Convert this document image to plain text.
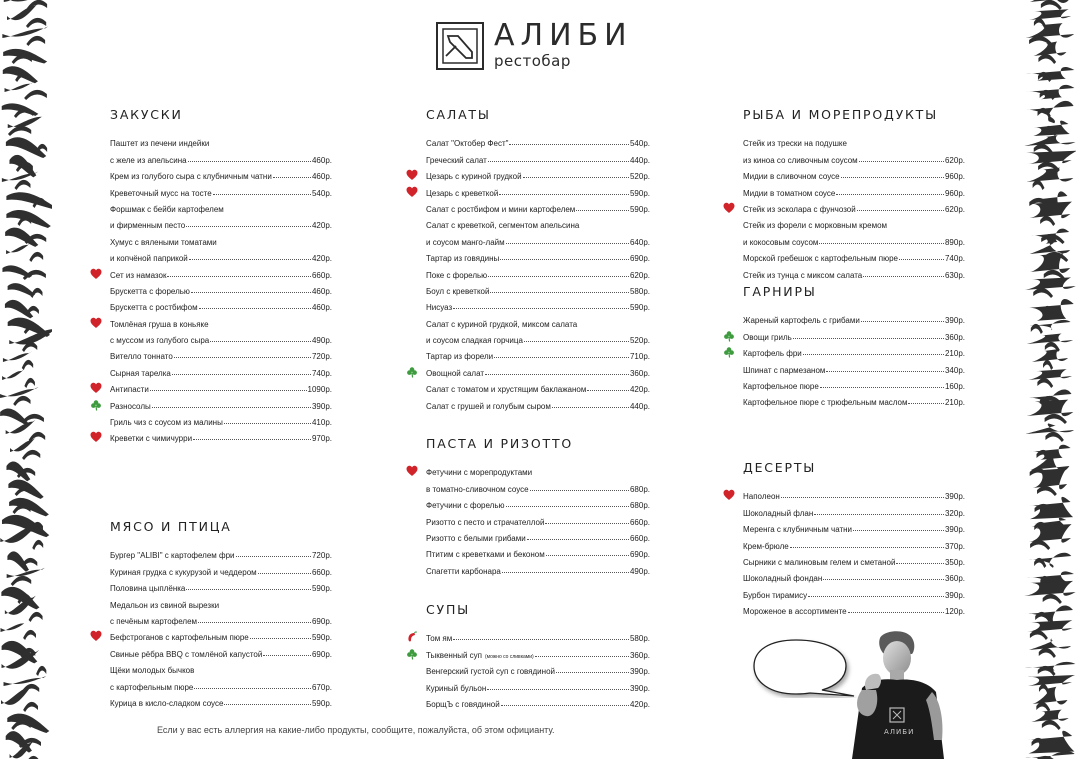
АЛИБИ
рестобар
ЗАКУСКИ
Паштет из печени индейки
с желе из апельсина	460р.
Крем из голубого сыра с клубничным чатни	460р.
Креветочный мусс на тосте	540р.
Форшмак с бейби картофелем
и фирменным песто	420р.
Хумус с вялеными томатами
и копчёной паприкой	420р.
Сет из намазок	660р.
Брускетта с форелью	460р.
Брускетта с ростбифом	460р.
Томлёная груша в коньяке
с муссом из голубого сыра	490р.
Вителло тоннато	720р.
Сырная тарелка	740р.
Антипасти	1090р.
Разносолы	390р.
Гриль чиз с соусом из малины	410р.
Креветки с чимичурри	970р.
МЯСО И ПТИЦА
Бургер "ALIBI" с картофелем фри	720р.
Куриная грудка с кукурузой и чеддером	660р.
Половина цыплёнка	590р.
Медальон из свиной вырезки
с печёным картофелем	690р.
Бефстроганов с картофельным пюре	590р.
Свиные рёбра BBQ с томлёной капустой	690р.
Щёки молодых бычков
с картофельным пюре	670р.
Курица в кисло-сладком соусе	590р.
САЛАТЫ
Салат "Октобер Фест"	540р.
Греческий салат	440р.
Цезарь с куриной грудкой	520р.
Цезарь с креветкой	590р.
Салат с ростбифом и мини картофелем	590р.
Салат с креветкой, сегментом апельсина
и соусом манго-лайм	640р.
Тартар из говядины	690р.
Поке с форелью	620р.
Боул с креветкой	580р.
Нисуаз	590р.
Салат с куриной грудкой, миксом салата
и соусом сладкая горчица	520р.
Тартар из форели	710р.
Овощной салат	360р.
Салат с томатом и хрустящим баклажаном	420р.
Салат с грушей и голубым сыром	440р.
ПАСТА И РИЗОТТО
Фетучини с морепродуктами
в томатно-сливочном соусе	680р.
Фетучини с форелью	680р.
Ризотто с песто и страчателлой	660р.
Ризотто с белыми грибами	660р.
Птитим с креветками и беконом	690р.
Спагетти карбонара	490р.
СУПЫ
Том ям	580р.
Тыквенный суп (можно со сливками)	360р.
Венгерский густой суп с говядиной	390р.
Куриный бульон	390р.
БорщЪ с говядиной	420р.
РЫБА И МОРЕПРОДУКТЫ
Стейк из трески на подушке
из киноа со сливочным соусом	620р.
Мидии в сливочном соусе	960р.
Мидии в томатном соусе	960р.
Стейк из эсколара с фунчозой	620р.
Стейк из форели с морковным кремом
и кокосовым соусом	890р.
Морской гребешок с картофельным пюре	740р.
Стейк из тунца с миксом салата	630р.
ГАРНИРЫ
Жареный картофель с грибами	390р.
Овощи гриль	360р.
Картофель фри	210р.
Шпинат с пармезаном	340р.
Картофельное пюре	160р.
Картофельное пюре с трюфельным маслом	210р.
ДЕСЕРТЫ
Наполеон	390р.
Шоколадный флан	320р.
Меренга с клубничным чатни	390р.
Крем-брюле	370р.
Сырники с малиновым гелем и сметаной	350р.
Шоколадный фондан	360р.
Бурбон тирамису	390р.
Мороженое в ассортименте	120р.
АЛИБИ
Если у вас есть аллергия на какие-либо продукты, сообщите, пожалуйста, об этом официанту.
